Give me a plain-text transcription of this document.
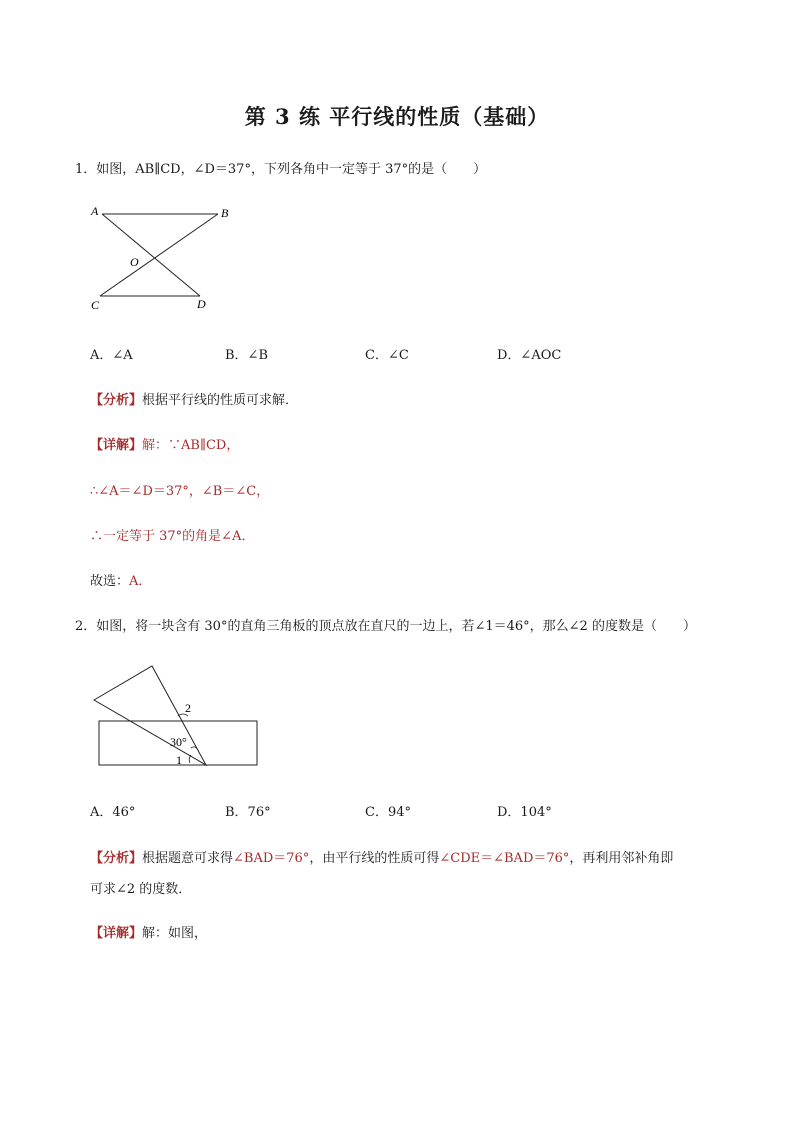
第 3 练 平行线的性质（基础）
1．如图，AB∥CD，∠D＝37°，下列各角中一定等于 37°的是（　　）
A	B
O
C	D
A．∠A	B．∠B	C．∠C	D．∠AOC
【分析】根据平行线的性质可求解．
【详解】解：∵AB∥CD，
∴∠A＝∠D＝37°，∠B＝∠C，
∴一定等于 37°的角是∠A．
故选：A．
2．如图，将一块含有 30°的直角三角板的顶点放在直尺的一边上，若∠1＝46°，那么∠2 的度数是（　　）
2
30°
1
A．46°	B．76°	C．94°	D．104°
【分析】根据题意可求得∠BAD＝76°，由平行线的性质可得∠CDE＝∠BAD＝76°，再利用邻补角即
可求∠2 的度数．
【详解】解：如图，
